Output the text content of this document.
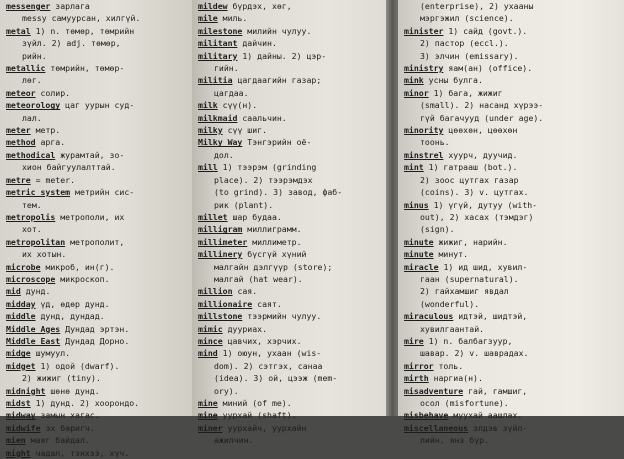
messenger зарлага
messy самуурсан, хилгүй.
metal 1) n. төмөр, төмрийн
зүйл. 2) adj. төмөр,
рийн.
metallic төмрийн, төмөр-
лөг.
meteor солир.
meteorology цаг уурын суд-
лал.
meter метр.
method арга.
methodical журамтай, зо-
хион байгуулалттай.
metre = meter.
metric system метрийн сис-
тем.
metropolis метрополи, их
хот.
metropolitan метрополит,
их хотын.
microbe микроб, ин(г).
microscope микроскоп.
mid дунд.
midday үд, өдөр дунд.
middle дунд, дундад.
Middle Ages Дундад эртэн.
Middle East Дундад Дорно.
midge шумуул.
midget 1) одой (dwarf).
2) жижиг (tiny).
midnight шөнө дунд.
midst 1) дунд. 2) хоорондо.
midway замын хагас.
midwife эх баригч.
mien маяг байдал.
might чадал, тэнхээ, хүч.
mildew бүрдэх, хөг,
mile миль.
milestone милийн чулуу.
militant дайчин.
military 1) дайны. 2) цэр-
гийн.
militia цагдаагийн газар;
цагдаа.
milk сүү(н).
milkmaid саальчин.
milky сүү шиг.
Milky Way Тэнгэрийн оё-
дол.
mill 1) тээрэм (grinding
place). 2) тээрэмдэх
(to grind). 3) завод, фаб-
рик (plant).
millet шар будаа.
milligram миллиграмм.
millimeter миллиметр.
millinery бүсгүй хүний
малгайн дэлгүүр (store);
малгай (hat wear).
million сая.
millionaire саят.
millstone тээрмийн чулуу.
mimic дууриах.
mince цавчих, хэрчих.
mind 1) оюун, ухаан (wis-
dom). 2) сэтгэх, санаа
(idea). 3) ой, цээж (mem-
ory).
mine миний (of me).
mine уурхай (shaft).
miner уурхайч, уурхайн
ажилчин.
(enterprise), 2) ухааны
мэргэжил (science).
minister 1) сайд (govt.).
2) пастор (eccl.).
3) элчин (emissary).
ministry яам(ан) (office).
mink усны булга.
minor 1) бага, жижиг
(small). 2) насанд хүрээ-
гүй багачууд (under age).
minority цөөхөн, цөөхөн
тоонь.
minstrel хуурч, дуучид.
mint 1) гатрааш (bot.).
2) зоос цутгах газар
(coins). 3) v. цутгах.
minus 1) үгүй, дутуу (with-
out), 2) хасах (тэмдэг)
(sign).
minute жижиг, нарийн.
minute минут.
miracle 1) ид шид, хувил-
гаан (supernatural).
2) гайхамшиг явдал
(wonderful).
miraculous идтэй, шидтэй,
хувилгаантай.
mire 1) n. балбагзуур,
шавар. 2) v. шаврадах.
mirror толь.
mirth наргиа(н).
misadventure гай, гамшиг,
осол (misfortune).
misbehave муухай аашлах.
miscellaneous элдэв зүйл-
лийн, янз бүр.
